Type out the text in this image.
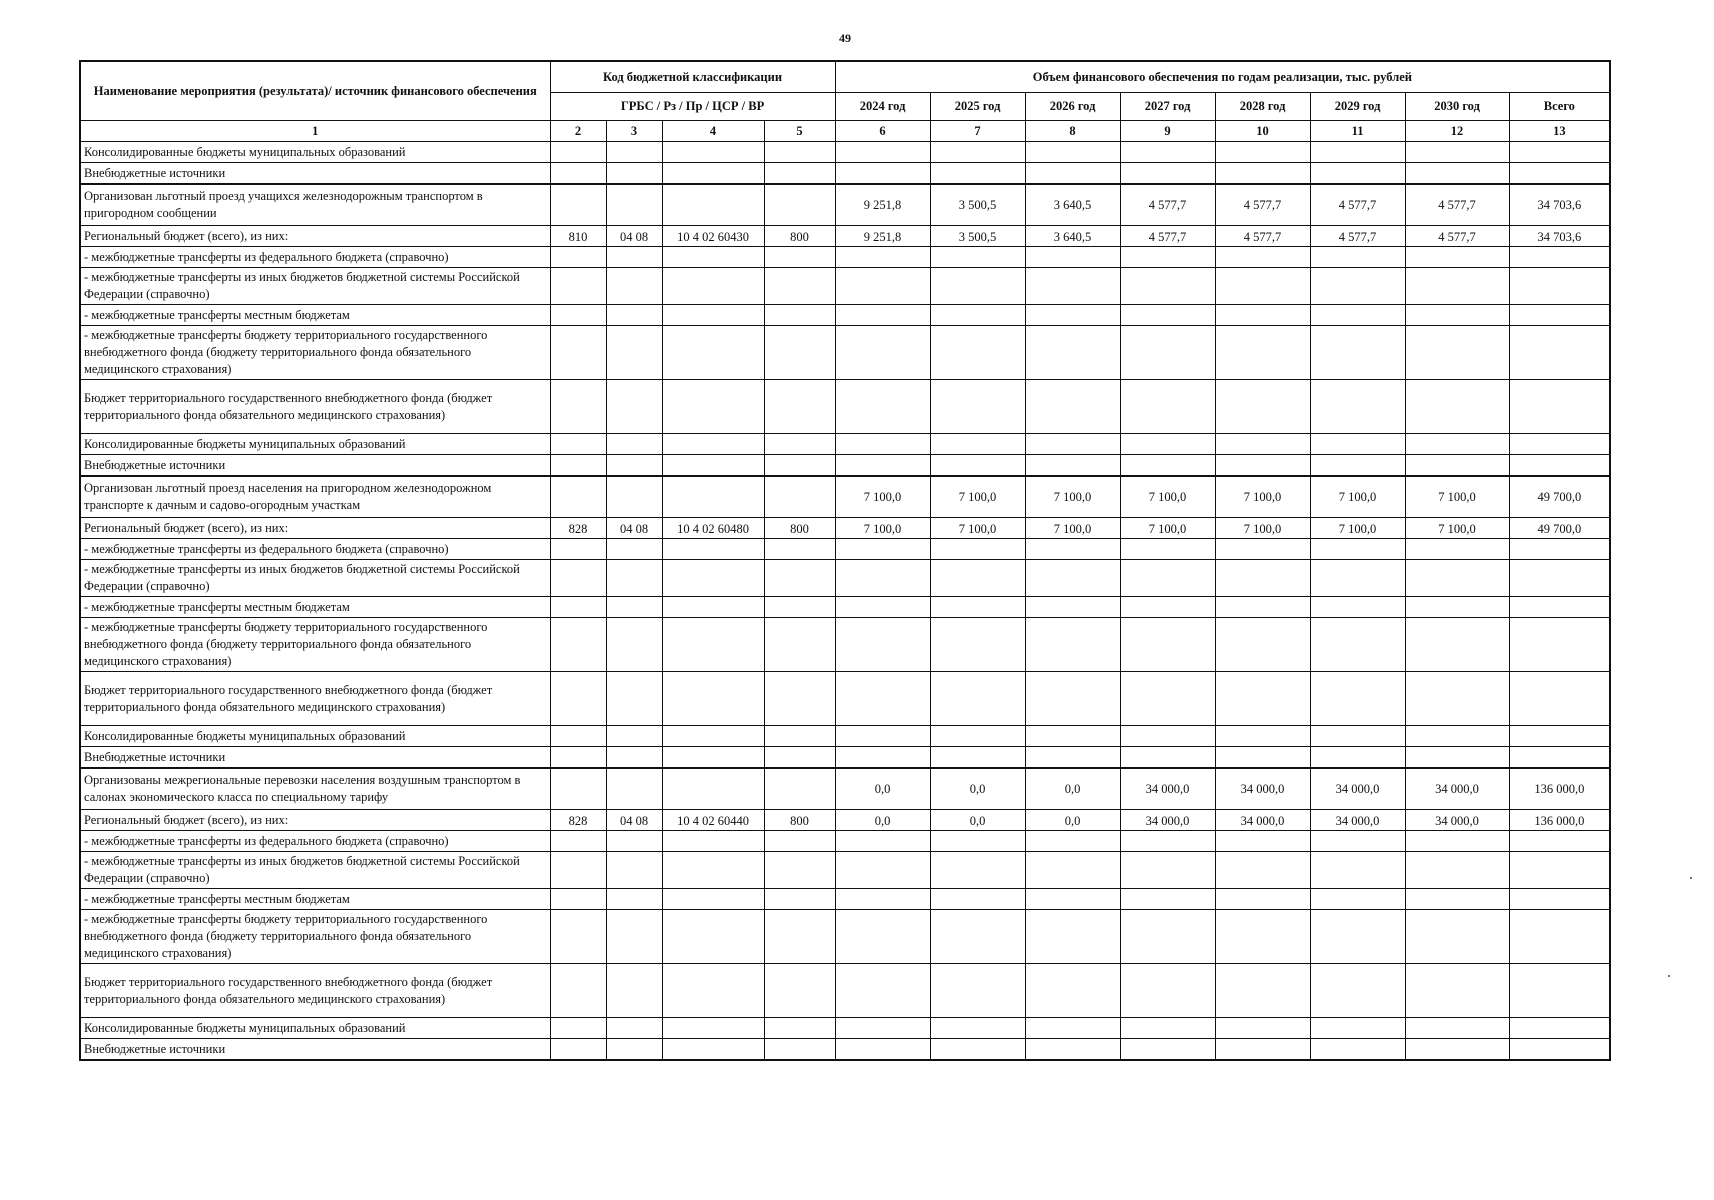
49
Наименование мероприятия (результата)/ источник финансового обеспечения	Код бюджетной классификации				Объем финансового обеспечения по годам реализации, тыс. рублей							
	ГРБС / Рз / Пр / ЦСР / ВР				2024 год	2025 год	2026 год	2027 год	2028 год	2029 год	2030 год	Всего
1	2	3	4	5	6	7	8	9	10	11	12	13
Консолидированные бюджеты муниципальных образований												
Внебюджетные источники												
Организован льготный проезд учащихся железнодорожным транспортом в пригородном сообщении					9 251,8	3 500,5	3 640,5	4 577,7	4 577,7	4 577,7	4 577,7	34 703,6
Региональный бюджет (всего), из них:	810	04 08	10 4 02 60430	800	9 251,8	3 500,5	3 640,5	4 577,7	4 577,7	4 577,7	4 577,7	34 703,6
- межбюджетные трансферты из федерального бюджета (справочно)												
- межбюджетные трансферты из иных бюджетов бюджетной системы Российской Федерации (справочно)												
- межбюджетные трансферты местным бюджетам												
- межбюджетные трансферты бюджету территориального государственного внебюджетного фонда (бюджету территориального фонда обязательного медицинского страхования)												
Бюджет территориального государственного внебюджетного фонда (бюджет территориального фонда обязательного медицинского страхования)												
Консолидированные бюджеты муниципальных образований												
Внебюджетные источники												
Организован льготный проезд населения на пригородном железнодорожном транспорте к дачным и садово-огородным участкам					7 100,0	7 100,0	7 100,0	7 100,0	7 100,0	7 100,0	7 100,0	49 700,0
Региональный бюджет (всего), из них:	828	04 08	10 4 02 60480	800	7 100,0	7 100,0	7 100,0	7 100,0	7 100,0	7 100,0	7 100,0	49 700,0
- межбюджетные трансферты из федерального бюджета (справочно)												
- межбюджетные трансферты из иных бюджетов бюджетной системы Российской Федерации (справочно)												
- межбюджетные трансферты местным бюджетам												
- межбюджетные трансферты бюджету территориального государственного внебюджетного фонда (бюджету территориального фонда обязательного медицинского страхования)												
Бюджет территориального государственного внебюджетного фонда (бюджет территориального фонда обязательного медицинского страхования)												
Консолидированные бюджеты муниципальных образований												
Внебюджетные источники												
Организованы межрегиональные перевозки населения воздушным транспортом в салонах экономического класса по специальному тарифу					0,0	0,0	0,0	34 000,0	34 000,0	34 000,0	34 000,0	136 000,0
Региональный бюджет (всего), из них:	828	04 08	10 4 02 60440	800	0,0	0,0	0,0	34 000,0	34 000,0	34 000,0	34 000,0	136 000,0
- межбюджетные трансферты из федерального бюджета (справочно)												
- межбюджетные трансферты из иных бюджетов бюджетной системы Российской Федерации (справочно)												
- межбюджетные трансферты местным бюджетам												
- межбюджетные трансферты бюджету территориального государственного внебюджетного фонда (бюджету территориального фонда обязательного медицинского страхования)												
Бюджет территориального государственного внебюджетного фонда (бюджет территориального фонда обязательного медицинского страхования)												
Консолидированные бюджеты муниципальных образований												
Внебюджетные источники												
